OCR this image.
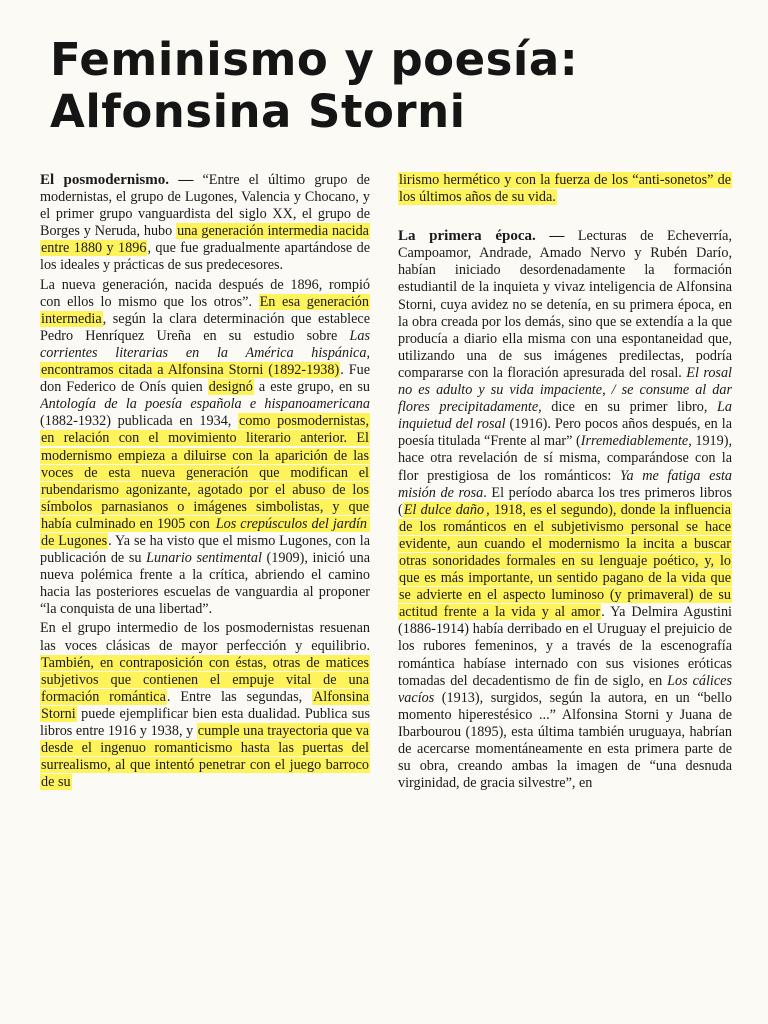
Feminismo y poesía:
Alfonsina Storni

El posmodernismo. — “Entre el último grupo de modernistas, el grupo de Lugones, Valencia y Chocano, y el primer grupo vanguardista del siglo XX, el grupo de Borges y Neruda, hubo una generación intermedia nacida entre 1880 y 1896, que fue gradualmente apartándose de los ideales y prácticas de sus predecesores.

La nueva generación, nacida después de 1896, rompió con ellos lo mismo que los otros”. En esa generación intermedia, según la clara determinación que establece Pedro Henríquez Ureña en su estudio sobre Las corrientes literarias en la América hispánica, encontramos citada a Alfonsina Storni (1892-1938). Fue don Federico de Onís quien designó a este grupo, en su Antología de la poesía española e hispanoamericana (1882-1932) publicada en 1934, como posmodernistas, en relación con el movimiento literario anterior. El modernismo empieza a diluirse con la aparición de las voces de esta nueva generación que modifican el rubendarismo agonizante, agotado por el abuso de los símbolos parnasianos o imágenes simbolistas, y que había culminado en 1905 con Los crepúsculos del jardín de Lugones. Ya se ha visto que el mismo Lugones, con la publicación de su Lunario sentimental (1909), inició una nueva polémica frente a la crítica, abriendo el camino hacia las posteriores escuelas de vanguardia al proponer “la conquista de una libertad”.

En el grupo intermedio de los posmodernistas resuenan las voces clásicas de mayor perfección y equilibrio. También, en contraposición con éstas, otras de matices subjetivos que contienen el empuje vital de una formación romántica. Entre las segundas, Alfonsina Storni puede ejemplificar bien esta dualidad. Publica sus libros entre 1916 y 1938, y cumple una trayectoria que va desde el ingenuo romanticismo hasta las puertas del surrealismo, al que intentó penetrar con el juego barroco de su

lirismo hermético y con la fuerza de los “anti-sonetos” de los últimos años de su vida.

La primera época. — Lecturas de Echeverría, Campoamor, Andrade, Amado Nervo y Rubén Darío, habían iniciado desordenadamente la formación estudiantil de la inquieta y vivaz inteligencia de Alfonsina Storni, cuya avidez no se detenía, en su primera época, en la obra creada por los demás, sino que se extendía a la que producía a diario ella misma con una espontaneidad que, utilizando una de sus imágenes predilectas, podría compararse con la floración apresurada del rosal. El rosal no es adulto y su vida impaciente, / se consume al dar flores precipitadamente, dice en su primer libro, La inquietud del rosal (1916). Pero pocos años después, en la poesía titulada “Frente al mar” (Irremediablemente, 1919), hace otra revelación de sí misma, comparándose con la flor prestigiosa de los románticos: Ya me fatiga esta misión de rosa. El período abarca los tres primeros libros (El dulce daño , 1918, es el segundo), donde la influencia de los románticos en el subjetivismo personal se hace evidente, aun cuando el modernismo la incita a buscar otras sonoridades formales en su lenguaje poético, y, lo que es más importante, un sentido pagano de la vida que se advierte en el aspecto luminoso (y primaveral) de su actitud frente a la vida y al amor. Ya Delmira Agustini (1886-1914) había derribado en el Uruguay el prejuicio de los rubores femeninos, y a través de la escenografía romántica habíase internado con sus visiones eróticas tomadas del decadentismo de fin de siglo, en Los cálices vacíos (1913), surgidos, según la autora, en un “bello momento hiperestésico ...” Alfonsina Storni y Juana de Ibarbourou (1895), esta última también uruguaya, habrían de acercarse momentáneamente en esta primera parte de su obra, creando ambas la imagen de “una desnuda virginidad, de gracia silvestre”, en
